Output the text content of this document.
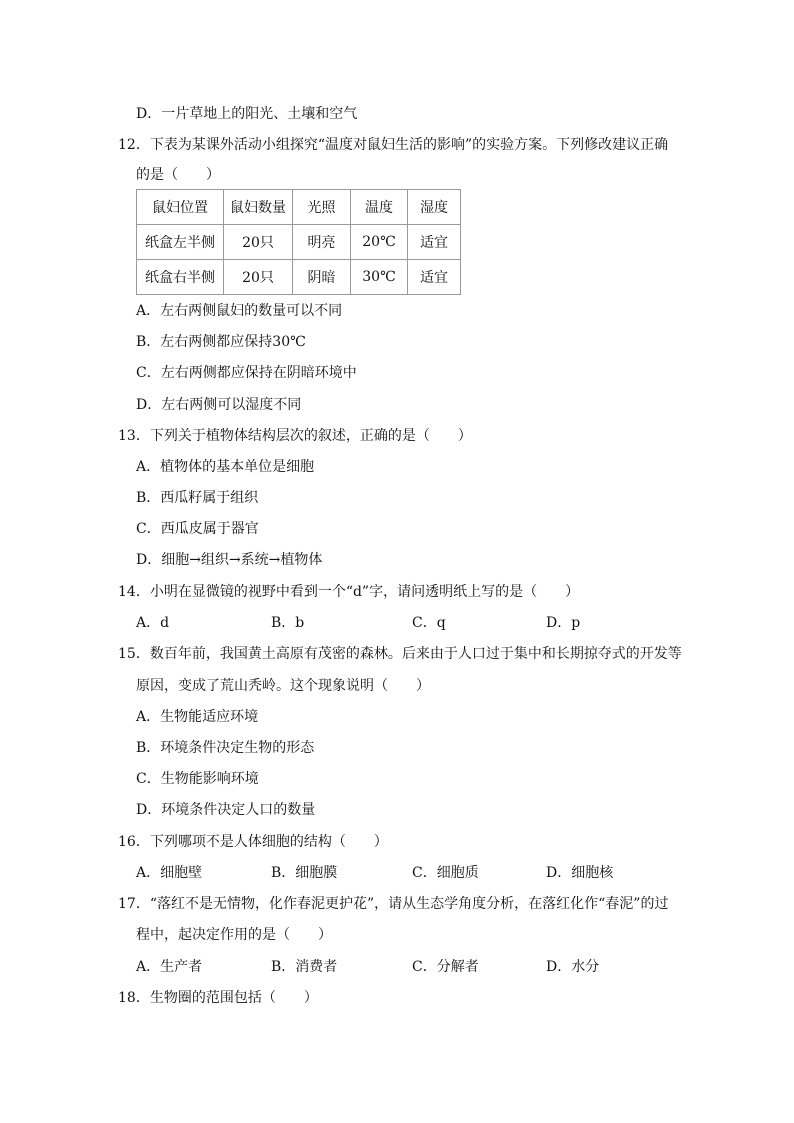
D．一片草地上的阳光、土壤和空气
12．下表为某课外活动小组探究“温度对鼠妇生活的影响”的实验方案。下列修改建议正确
的是（　　）
鼠妇位置	鼠妇数量	光照	温度	湿度
纸盒左半侧	20只	明亮	20℃	适宜
纸盒右半侧	20只	阴暗	30℃	适宜
A．左右两侧鼠妇的数量可以不同
B．左右两侧都应保持30℃
C．左右两侧都应保持在阴暗环境中
D．左右两侧可以湿度不同
13．下列关于植物体结构层次的叙述，正确的是（　　）
A．植物体的基本单位是细胞
B．西瓜籽属于组织
C．西瓜皮属于器官
D．细胞→组织→系统→植物体
14．小明在显微镜的视野中看到一个“d”字，请问透明纸上写的是（　　）
A．d	B．b	C．q	D．p
15．数百年前，我国黄土高原有茂密的森林。后来由于人口过于集中和长期掠夺式的开发等
原因，变成了荒山秃岭。这个现象说明（　　）
A．生物能适应环境
B．环境条件决定生物的形态
C．生物能影响环境
D．环境条件决定人口的数量
16．下列哪项不是人体细胞的结构（　　）
A．细胞壁	B．细胞膜	C．细胞质	D．细胞核
17．“落红不是无情物，化作春泥更护花”，请从生态学角度分析，在落红化作“春泥”的过
程中，起决定作用的是（　　）
A．生产者	B．消费者	C．分解者	D．水分
18．生物圈的范围包括（　　）
